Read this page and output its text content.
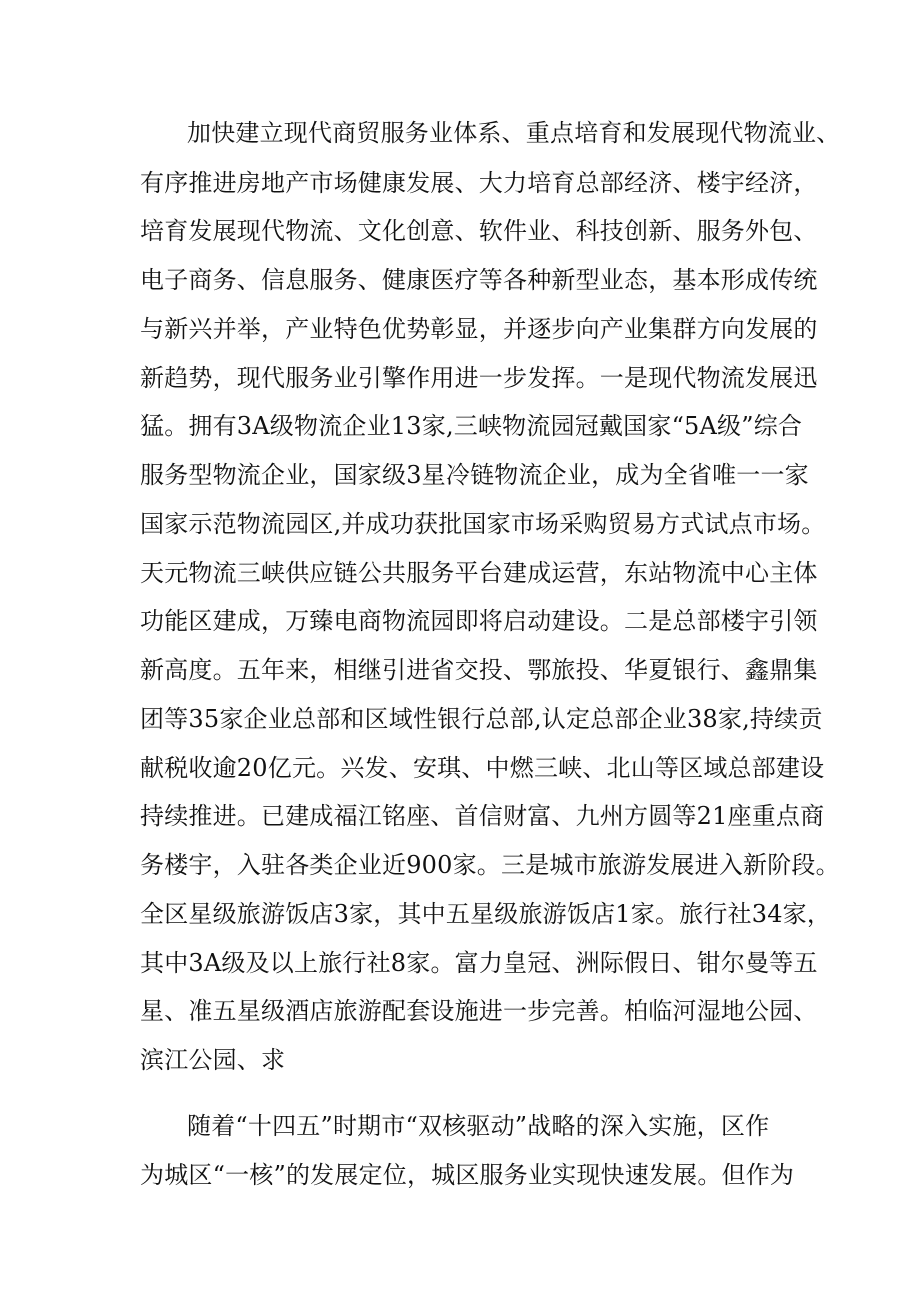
加快建立现代商贸服务业体系、重点培育和发展现代物流业、
有序推进房地产市场健康发展、大力培育总部经济、楼宇经济，
培育发展现代物流、文化创意、软件业、科技创新、服务外包、
电子商务、信息服务、健康医疗等各种新型业态，基本形成传统
与新兴并举，产业特色优势彰显，并逐步向产业集群方向发展的
新趋势，现代服务业引擎作用进一步发挥。一是现代物流发展迅
猛。拥有3A级物流企业13家,三峡物流园冠戴国家“5A级”综合
服务型物流企业，国家级3星冷链物流企业，成为全省唯一一家
国家示范物流园区,并成功获批国家市场采购贸易方式试点市场。
天元物流三峡供应链公共服务平台建成运营，东站物流中心主体
功能区建成，万臻电商物流园即将启动建设。二是总部楼宇引领
新高度。五年来，相继引进省交投、鄂旅投、华夏银行、鑫鼎集
团等35家企业总部和区域性银行总部,认定总部企业38家,持续贡
献税收逾20亿元。兴发、安琪、中燃三峡、北山等区域总部建设
持续推进。已建成福江铭座、首信财富、九州方圆等21座重点商
务楼宇，入驻各类企业近900家。三是城市旅游发展进入新阶段。
全区星级旅游饭店3家，其中五星级旅游饭店1家。旅行社34家，
其中3A级及以上旅行社8家。富力皇冠、洲际假日、钳尔曼等五
星、准五星级酒店旅游配套设施进一步完善。柏临河湿地公园、
滨江公园、求
随着“十四五”时期市“双核驱动”战略的深入实施，区作
为城区“一核”的发展定位，城区服务业实现快速发展。但作为
